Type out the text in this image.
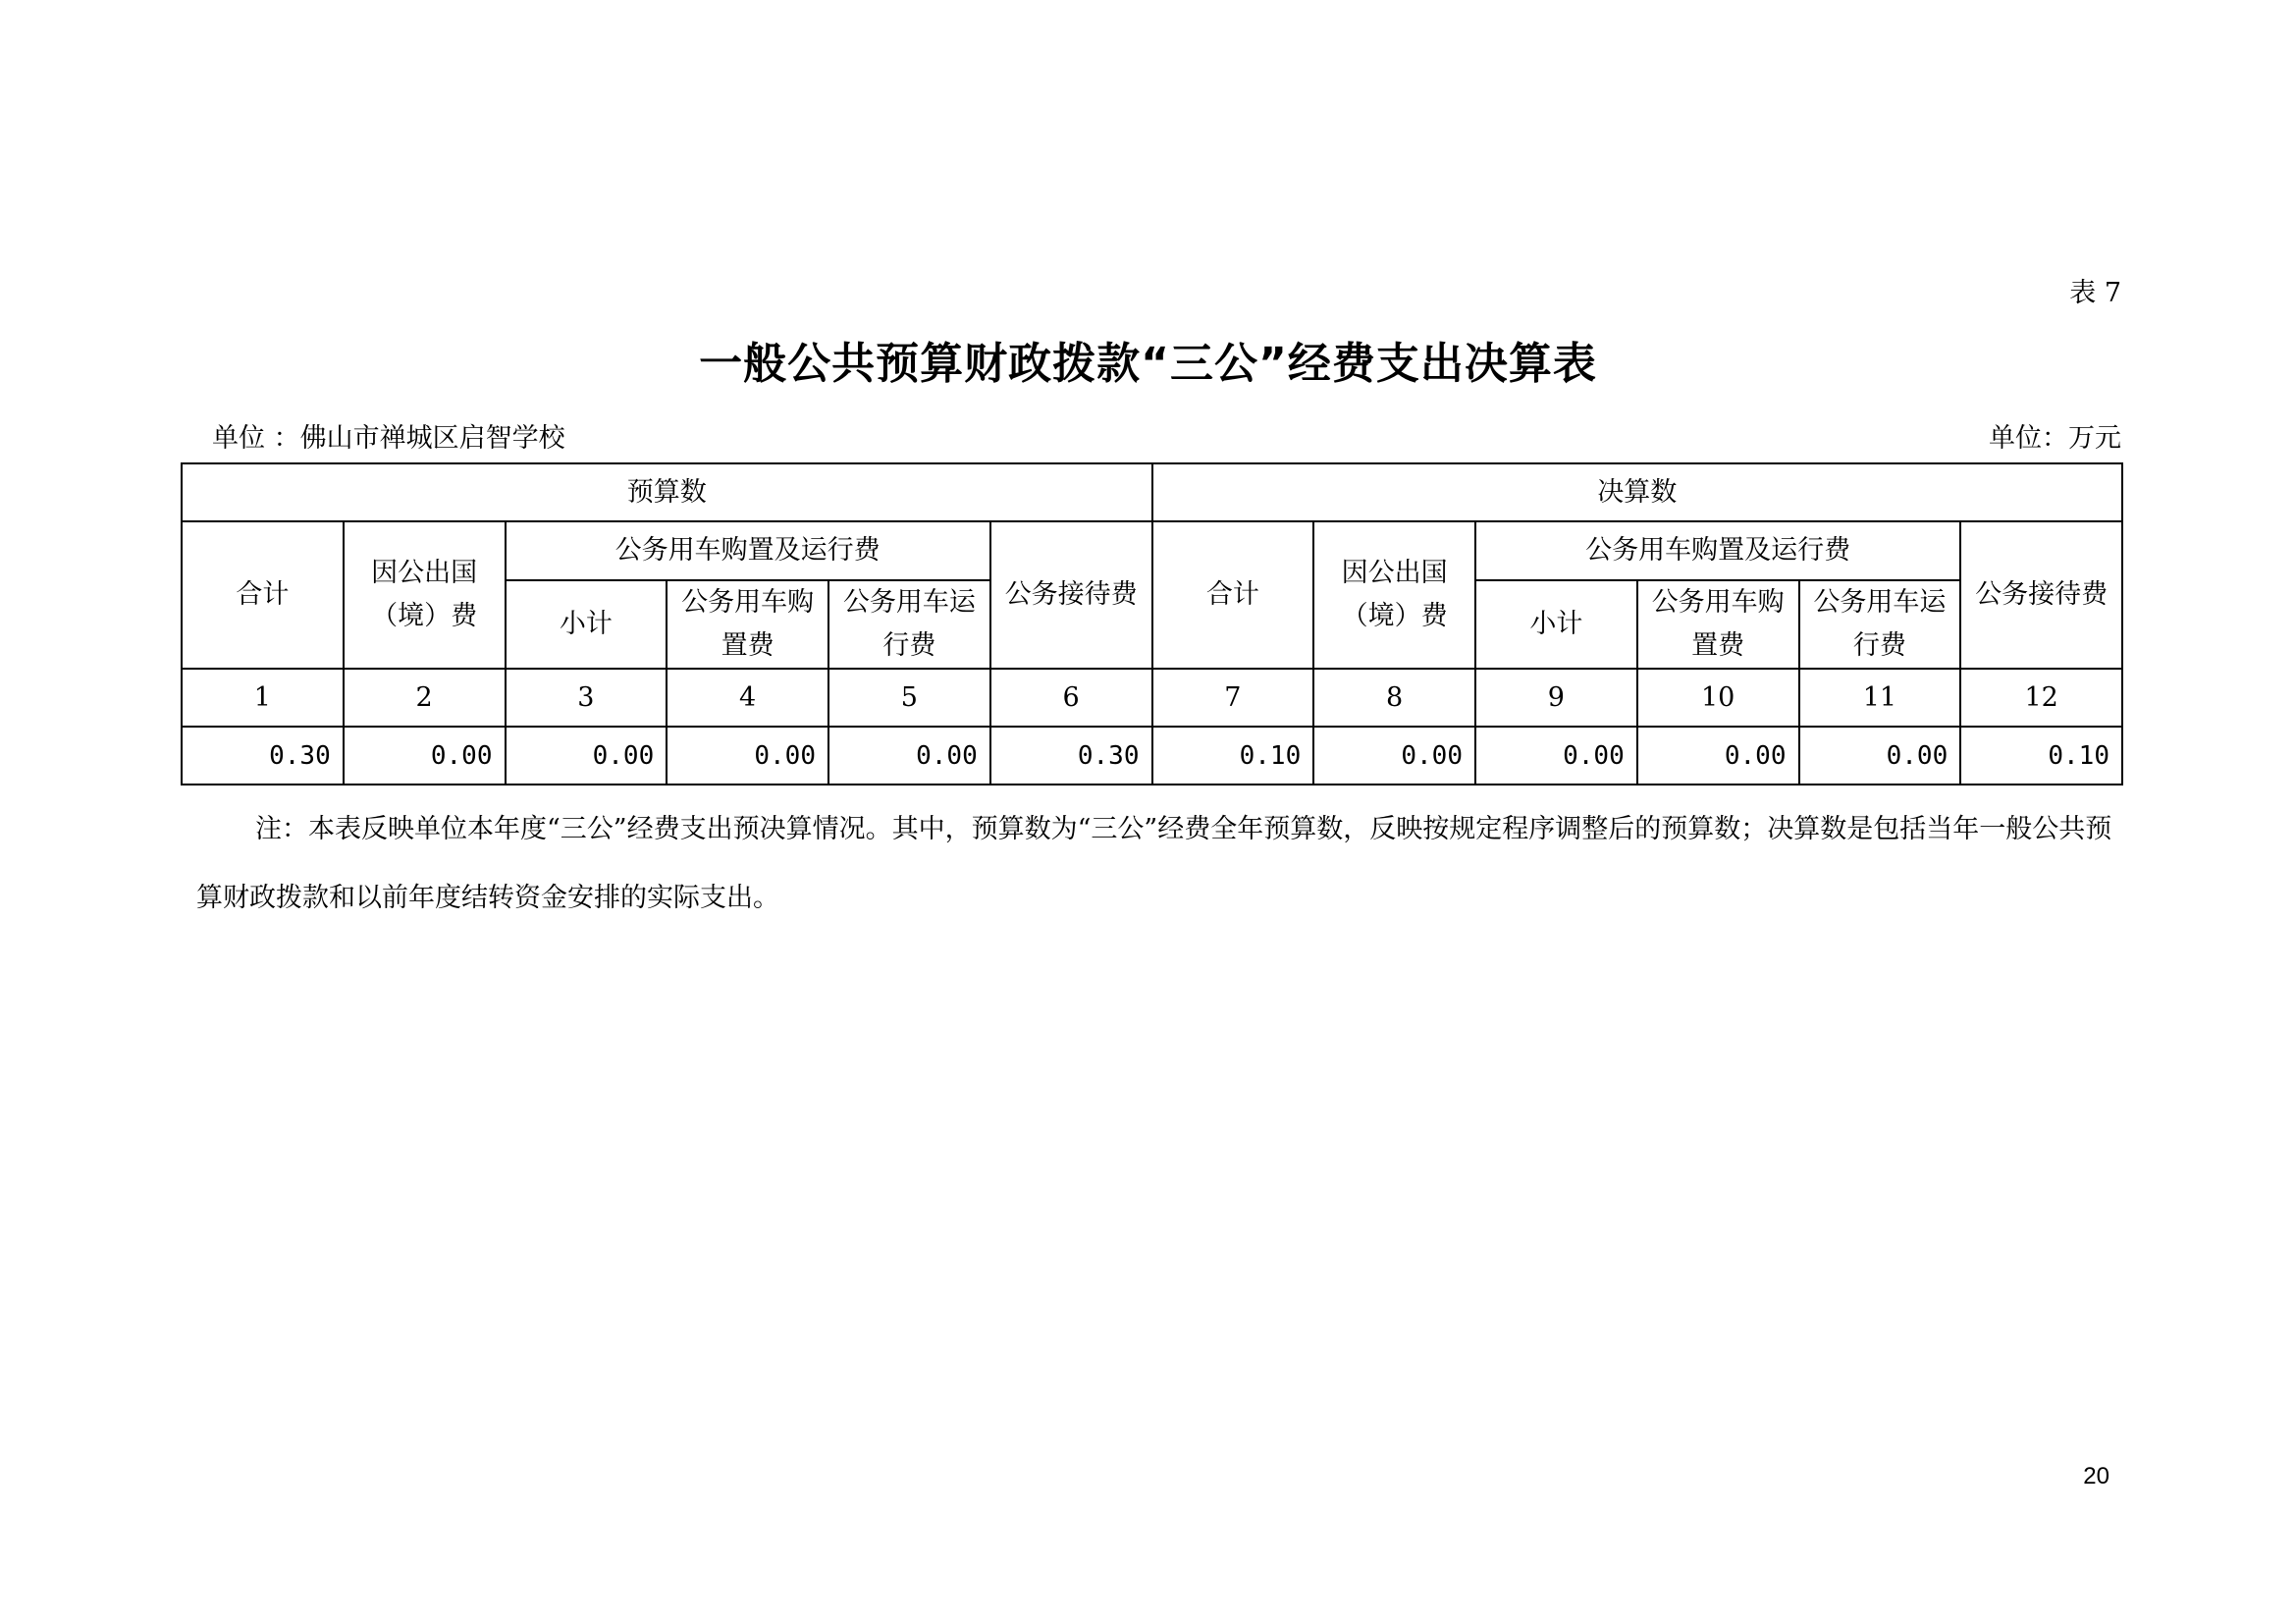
表 7
一般公共预算财政拨款“三公”经费支出决算表
单位 ：佛山市禅城区启智学校	单位：万元
预算数						决算数					
合计	因公出国（境）费	公务用车购置及运行费			公务接待费	合计	因公出国（境）费	公务用车购置及运行费			公务接待费
		小计	公务用车购置费	公务用车运行费				小计	公务用车购置费	公务用车运行费	
1	2	3	4	5	6	7	8	9	10	11	12
0.30	0.00	0.00	0.00	0.00	0.30	0.10	0.00	0.00	0.00	0.00	0.10
注：本表反映单位本年度“三公”经费支出预决算情况。其中，预算数为“三公”经费全年预算数，反映按规定程序调整后的预算数；决算数是包括当年一般公共预算财政拨款和以前年度结转资金安排的实际支出。
20
